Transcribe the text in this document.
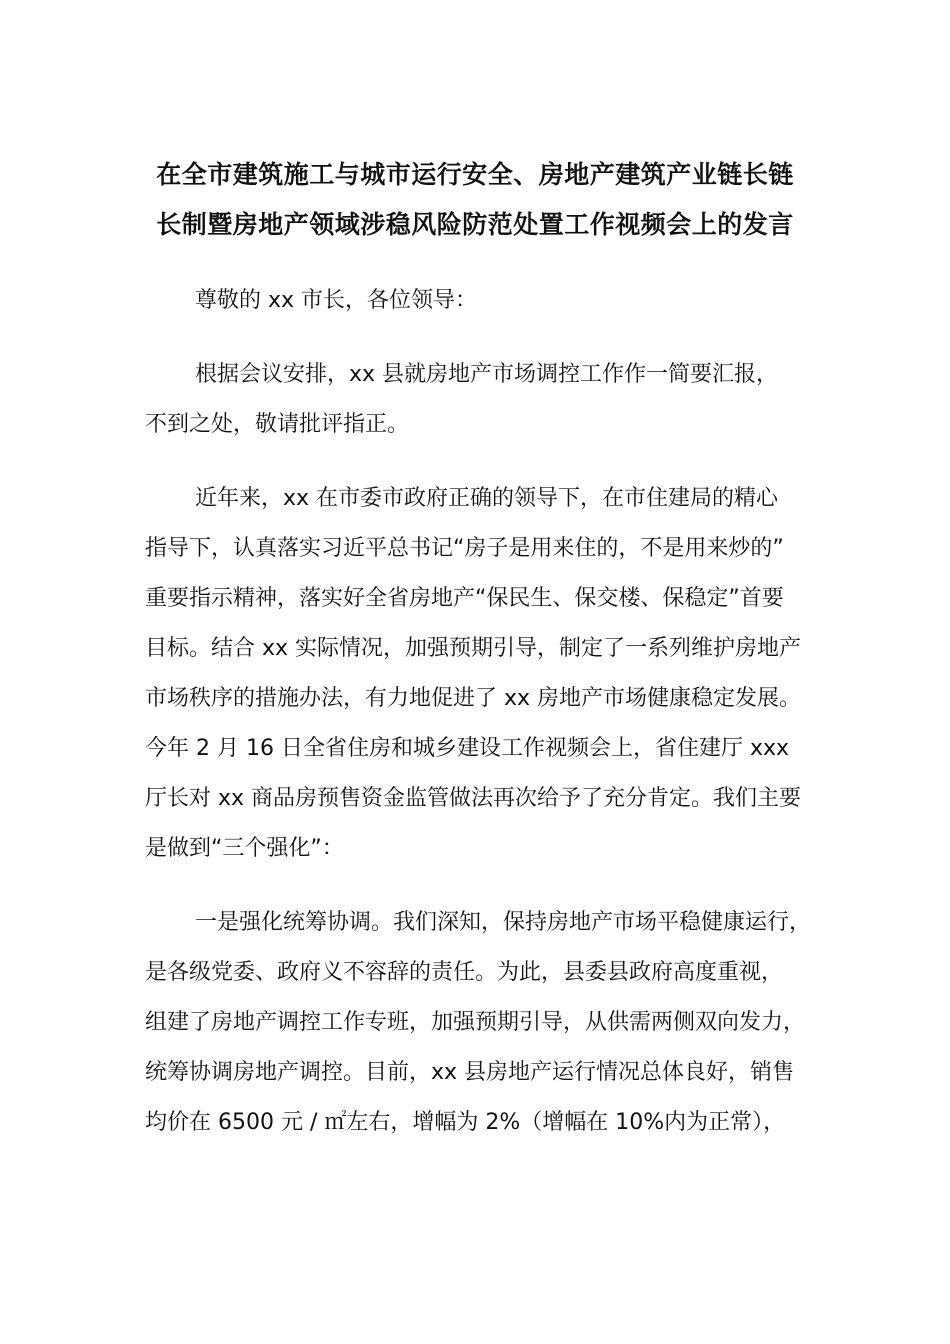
在全市建筑施工与城市运行安全、房地产建筑产业链长链
长制暨房地产领域涉稳风险防范处置工作视频会上的发言
尊敬的 xx 市长，各位领导：
根据会议安排，xx 县就房地产市场调控工作作一简要汇报，
不到之处，敬请批评指正。
近年来，xx 在市委市政府正确的领导下，在市住建局的精心
指导下，认真落实习近平总书记“房子是用来住的，不是用来炒的”
重要指示精神，落实好全省房地产“保民生、保交楼、保稳定”首要
目标。结合 xx 实际情况，加强预期引导，制定了一系列维护房地产
市场秩序的措施办法，有力地促进了 xx 房地产市场健康稳定发展。
今年 2 月 16 日全省住房和城乡建设工作视频会上，省住建厅 xxx
厅长对 xx 商品房预售资金监管做法再次给予了充分肯定。我们主要
是做到“三个强化”：
一是强化统筹协调。我们深知，保持房地产市场平稳健康运行，
是各级党委、政府义不容辞的责任。为此，县委县政府高度重视，
组建了房地产调控工作专班，加强预期引导，从供需两侧双向发力，
统筹协调房地产调控。目前，xx 县房地产运行情况总体良好，销售
均价在 6500 元 / ㎡左右，增幅为 2%（增幅在 10%内为正常），
